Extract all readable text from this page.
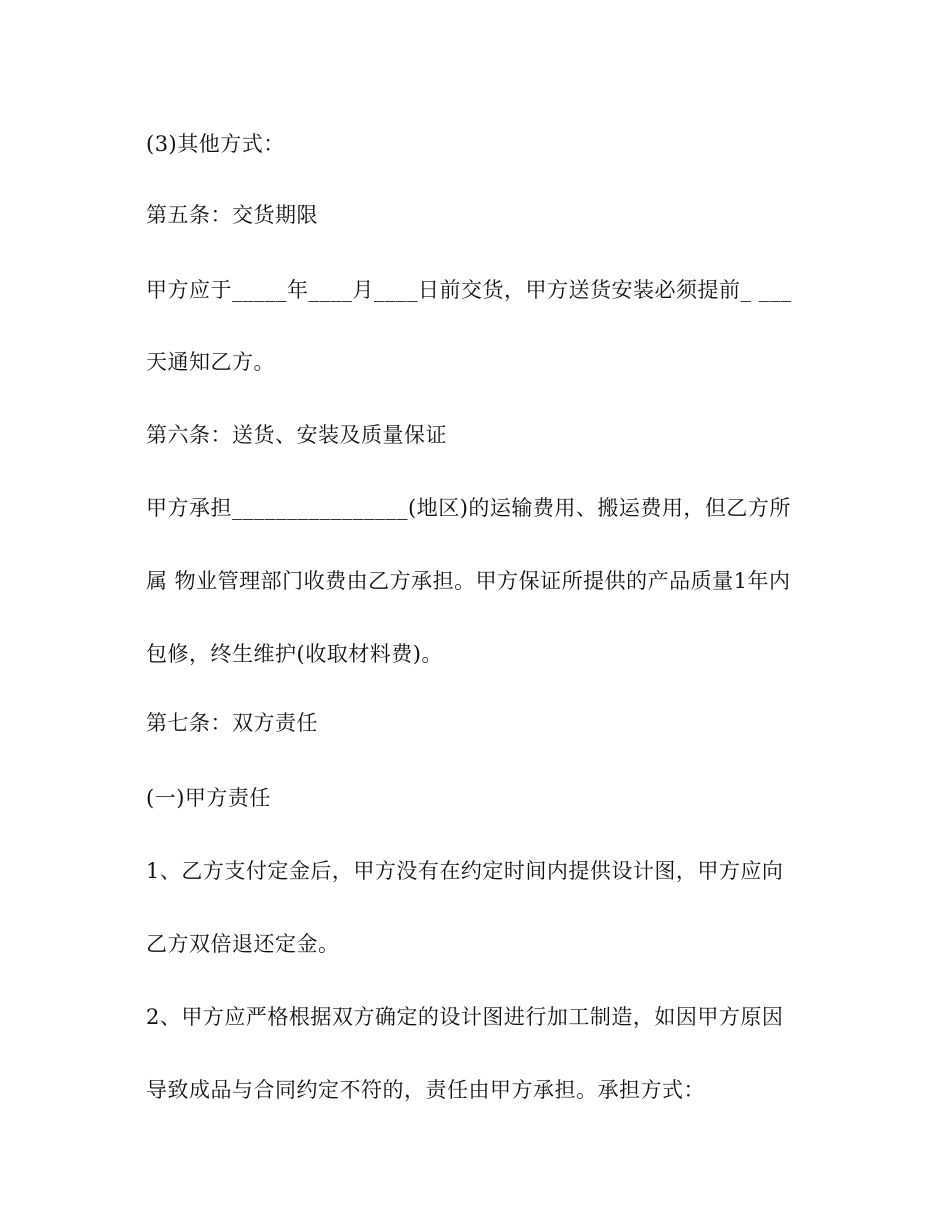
(3)其他方式：
第五条：交货期限
甲方应于_____年____月____日前交货，甲方送货安装必须提前_ ___
天通知乙方。
第六条：送货、安装及质量保证
甲方承担________________(地区)的运输费用、搬运费用，但乙方所
属 物业管理部门收费由乙方承担。甲方保证所提供的产品质量1年内
包修，终生维护(收取材料费)。
第七条：双方责任
(一)甲方责任
1、乙方支付定金后，甲方没有在约定时间内提供设计图，甲方应向
乙方双倍退还定金。
2、甲方应严格根据双方确定的设计图进行加工制造，如因甲方原因
导致成品与合同约定不符的，责任由甲方承担。承担方式：
